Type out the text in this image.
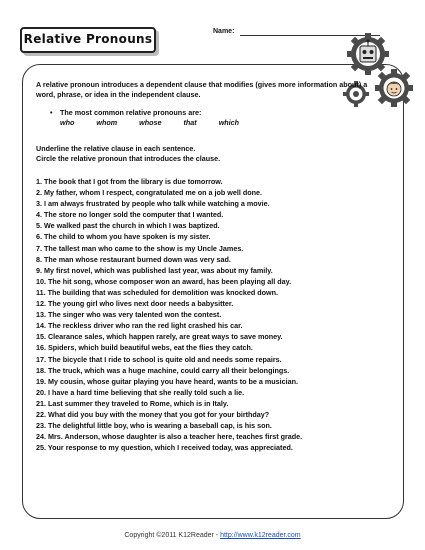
Relative Pronouns
Name:

A relative pronoun introduces a dependent clause that modifies (gives more information about) a word, phrase, or idea in the independent clause.

• The most common relative pronouns are:
who	whom	whose	that	which
Underline the relative clause in each sentence.
Circle the relative pronoun that introduces the clause.
1. The book that I got from the library is due tomorrow.
2. My father, whom I respect, congratulated me on a job well done.
3. I am always frustrated by people who talk while watching a movie.
4. The store no longer sold the computer that I wanted.
5. We walked past the church in which I was baptized.
6. The child to whom you have spoken is my sister.
7. The tallest man who came to the show is my Uncle James.
8. The man whose restaurant burned down was very sad.
9. My first novel, which was published last year, was about my family.
10. The hit song, whose composer won an award, has been playing all day.
11. The building that was scheduled for demolition was knocked down.
12. The young girl who lives next door needs a babysitter.
13. The singer who was very talented won the contest.
14. The reckless driver who ran the red light crashed his car.
15. Clearance sales, which happen rarely, are great ways to save money.
16. Spiders, which build beautiful webs, eat the flies they catch.
17. The bicycle that I ride to school is quite old and needs some repairs.
18. The truck, which was a huge machine, could carry all their belongings.
19. My cousin, whose guitar playing you have heard, wants to be a musician.
20. I have a hard time believing that she really told such a lie.
21. Last summer they traveled to Rome, which is in Italy.
22. What did you buy with the money that you got for your birthday?
23. The delightful little boy, who is wearing a baseball cap, is his son.
24. Mrs. Anderson, whose daughter is also a teacher here, teaches first grade.
25. Your response to my question, which I received today, was appreciated.
Copyright ©2011 K12Reader - http://www.k12reader.com
